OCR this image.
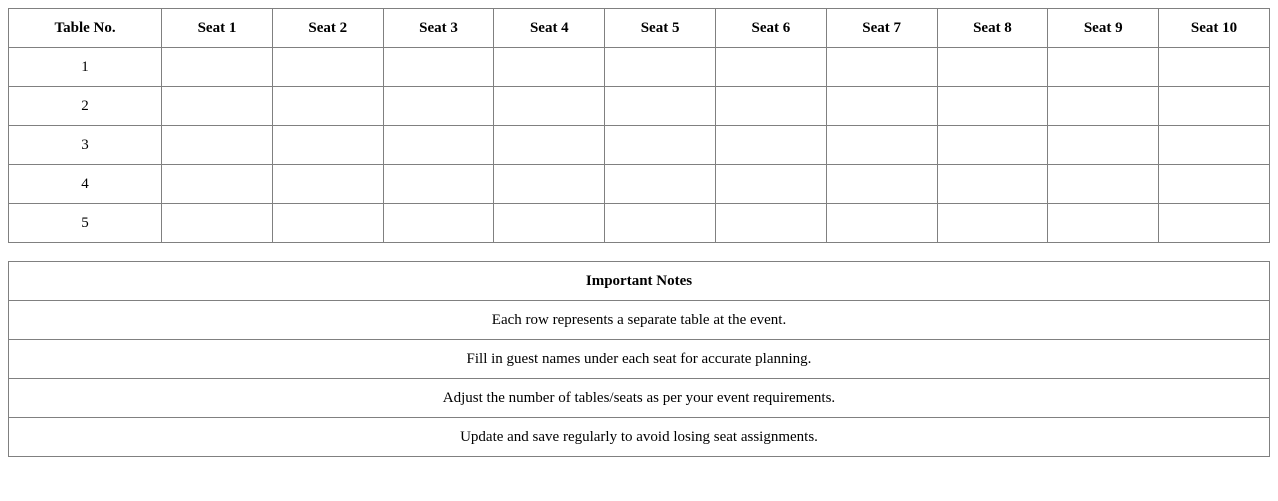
Table No.	Seat 1	Seat 2	Seat 3	Seat 4	Seat 5	Seat 6	Seat 7	Seat 8	Seat 9	Seat 10
1										
2										
3										
4										
5										
Important Notes
Each row represents a separate table at the event.
Fill in guest names under each seat for accurate planning.
Adjust the number of tables/seats as per your event requirements.
Update and save regularly to avoid losing seat assignments.
